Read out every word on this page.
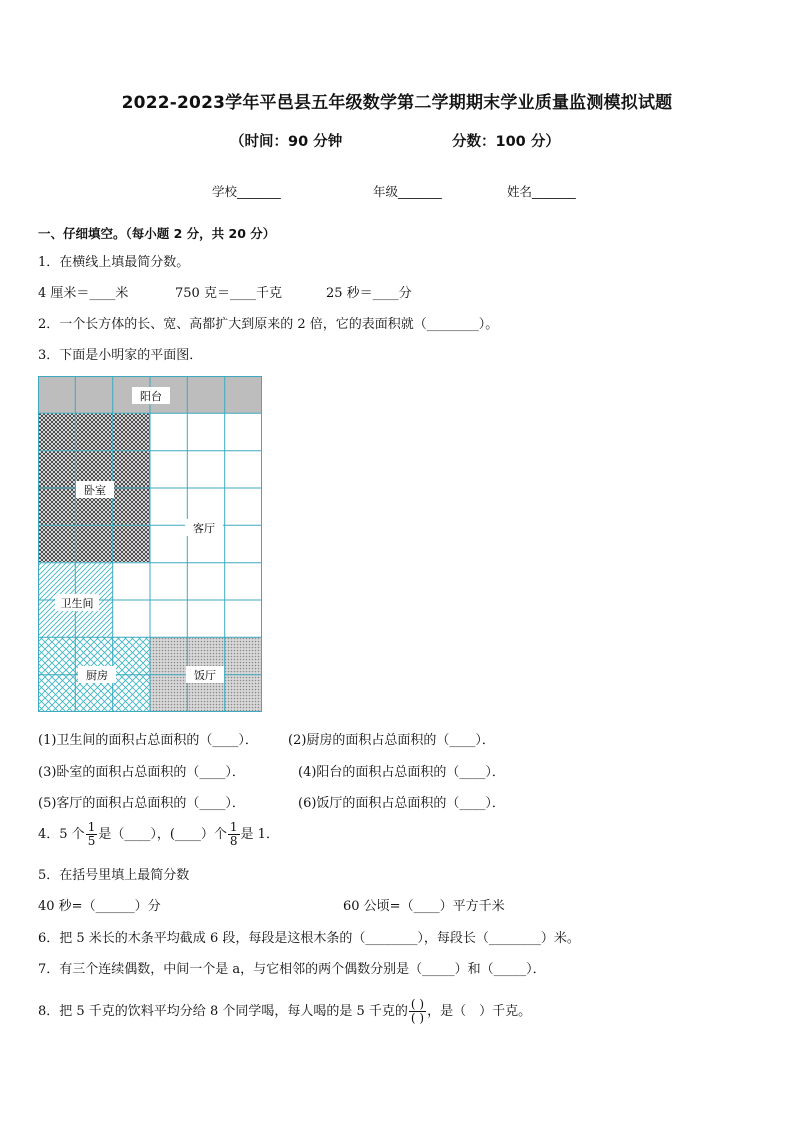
2022-2023学年平邑县五年级数学第二学期期末学业质量监测模拟试题
（时间：90 分钟	分数：100 分）
学校_______	年级_______	姓名_______
一、仔细填空。（每小题 2 分，共 20 分）
1．在横线上填最简分数。
4 厘米＝____米	750 克＝____千克	25 秒＝____分
2．一个长方体的长、宽、高都扩大到原来的 2 倍，它的表面积就（________）。
3．下面是小明家的平面图．
阳台
卧室
客厅
卫生间
厨房	饭厅
(1)卫生间的面积占总面积的（____）． (2)厨房的面积占总面积的（____）．
(3)卧室的面积占总面积的（____）．	(4)阳台的面积占总面积的（____）．
(5)客厅的面积占总面积的（____）．	(6)饭厅的面积占总面积的（____）．
4．5 个 $\frac{1}{5}$ 是（____），(____）个 $\frac{1}{8}$ 是 1．
5．在括号里填上最简分数
40 秒=（______）分	60 公顷=（____）平方千米
6．把 5 米长的木条平均截成 6 段，每段是这根木条的（________），每段长（________）米。
7．有三个连续偶数，中间一个是 a，与它相邻的两个偶数分别是（_____）和（_____）．
8．把 5 千克的饮料平均分给 8 个同学喝，每人喝的是 5 千克的 $\frac{( )}{( )}$ ，是（　）千克。
